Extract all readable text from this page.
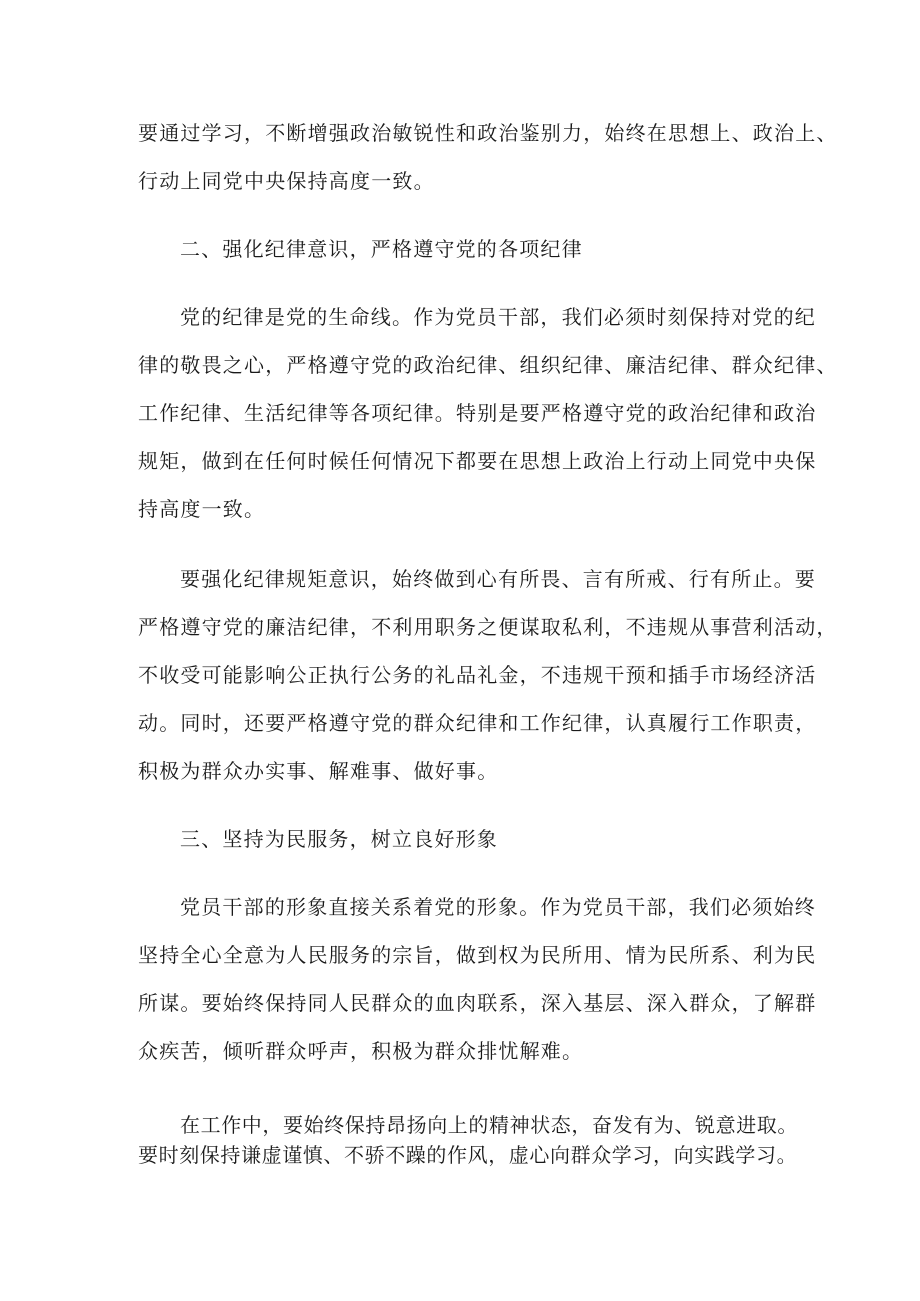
要通过学习，不断增强政治敏锐性和政治鉴别力，始终在思想上、政治上、
行动上同党中央保持高度一致。
二、强化纪律意识，严格遵守党的各项纪律
党的纪律是党的生命线。作为党员干部，我们必须时刻保持对党的纪
律的敬畏之心，严格遵守党的政治纪律、组织纪律、廉洁纪律、群众纪律、
工作纪律、生活纪律等各项纪律。特别是要严格遵守党的政治纪律和政治
规矩，做到在任何时候任何情况下都要在思想上政治上行动上同党中央保
持高度一致。
要强化纪律规矩意识，始终做到心有所畏、言有所戒、行有所止。要
严格遵守党的廉洁纪律，不利用职务之便谋取私利，不违规从事营利活动，
不收受可能影响公正执行公务的礼品礼金，不违规干预和插手市场经济活
动。同时，还要严格遵守党的群众纪律和工作纪律，认真履行工作职责，
积极为群众办实事、解难事、做好事。
三、坚持为民服务，树立良好形象
党员干部的形象直接关系着党的形象。作为党员干部，我们必须始终
坚持全心全意为人民服务的宗旨，做到权为民所用、情为民所系、利为民
所谋。要始终保持同人民群众的血肉联系，深入基层、深入群众，了解群
众疾苦，倾听群众呼声，积极为群众排忧解难。
在工作中，要始终保持昂扬向上的精神状态，奋发有为、锐意进取。
要时刻保持谦虚谨慎、不骄不躁的作风，虚心向群众学习，向实践学习。
